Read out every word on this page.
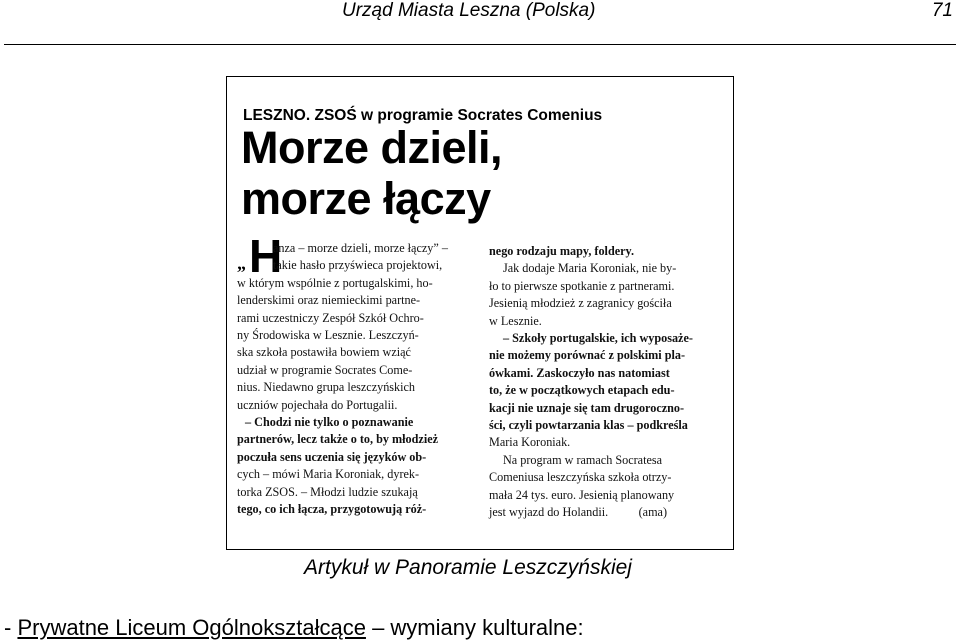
Urząd Miasta Leszna (Polska)	71
LESZNO. ZSOŚ w programie Socrates Comenius
Morze dzieli,
morze łączy
„ H
anza – morze dzieli, morze łączy” –
takie hasło przyświeca projektowi,
w którym wspólnie z portugalskimi, ho-
lenderskimi oraz niemieckimi partne-
rami uczestniczy Zespół Szkół Ochro-
ny Środowiska w Lesznie. Leszczyń-
ska szkoła postawiła bowiem wziąć
udział w programie Socrates Come-
nius. Niedawno grupa leszczyńskich
uczniów pojechała do Portugalii.
– Chodzi nie tylko o poznawanie
partnerów, lecz także o to, by młodzież
poczuła sens uczenia się języków ob-
cych – mówi Maria Koroniak, dyrek-
torka ZSOS. – Młodzi ludzie szukają
tego, co ich łącza, przygotowują róż-
nego rodzaju mapy, foldery.
Jak dodaje Maria Koroniak, nie by-
ło to pierwsze spotkanie z partnerami.
Jesienią młodzież z zagranicy gościła
w Lesznie.
– Szkoły portugalskie, ich wyposaże-
nie możemy porównać z polskimi pla-
ówkami. Zaskoczyło nas natomiast
to, że w początkowych etapach edu-
kacji nie uznaje się tam drugoroczno-
ści, czyli powtarzania klas – podkreśla
Maria Koroniak.
Na program w ramach Socratesa
Comeniusa leszczyńska szkoła otrzy-
mała 24 tys. euro. Jesienią planowany
jest wyjazd do Holandii.          (ama)
Artykuł w Panoramie Leszczyńskiej
- Prywatne Liceum Ogólnokształcące – wymiany kulturalne:
